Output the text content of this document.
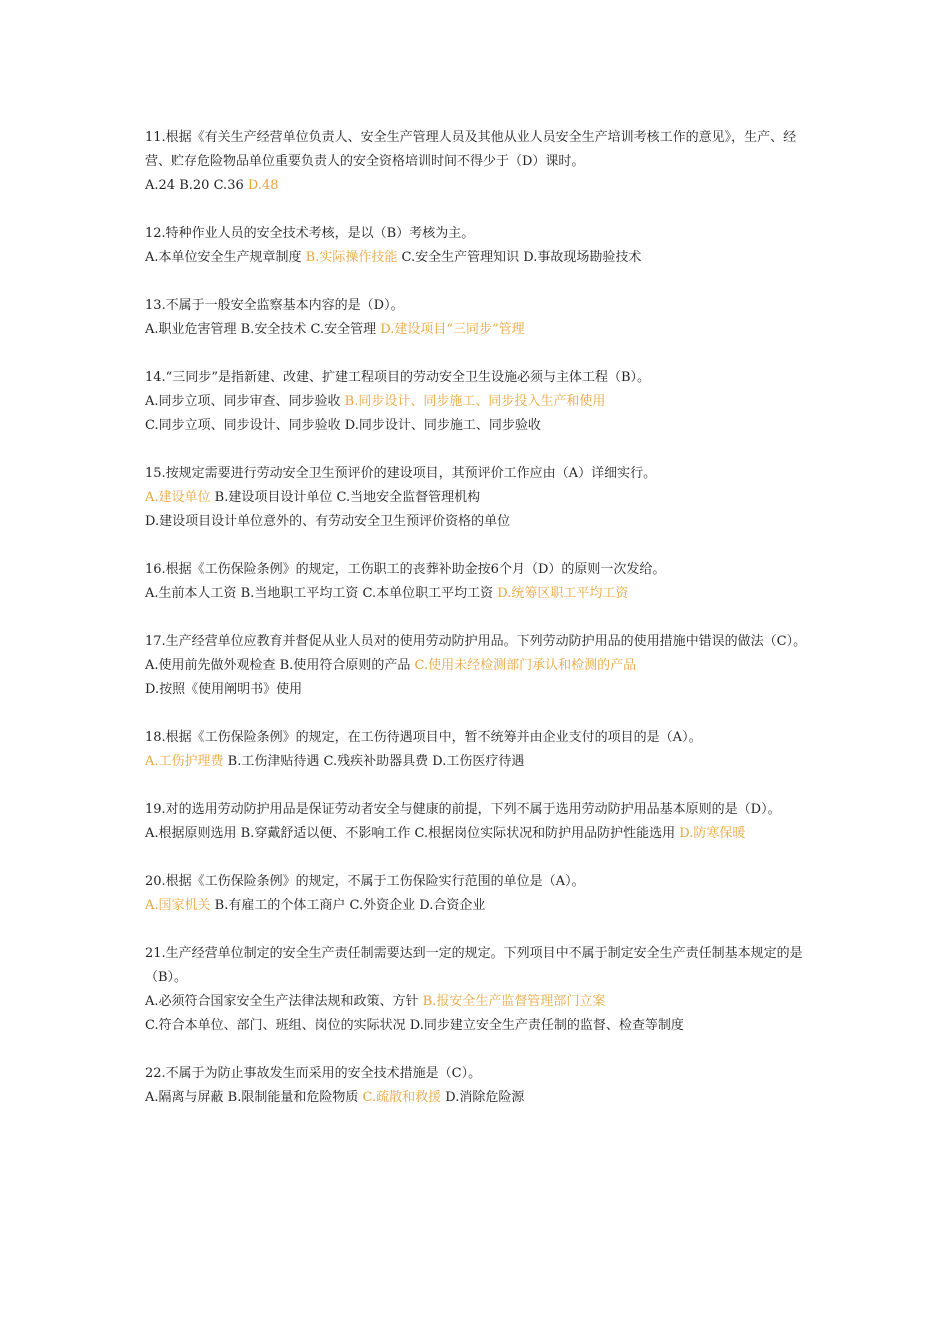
11.根据《有关生产经营单位负责人、安全生产管理人员及其他从业人员安全生产培训考核工作的意见》，生产、经营、贮存危险物品单位重要负责人的安全资格培训时间不得少于（D）课时。

A.24 B.20 C.36 D.48

12.特种作业人员的安全技术考核，是以（B）考核为主。

A.本单位安全生产规章制度 B.实际操作技能 C.安全生产管理知识 D.事故现场勘验技术

13.不属于一般安全监察基本内容的是（D）。

A.职业危害管理 B.安全技术 C.安全管理 D.建设项目“三同步”管理

14.“三同步”是指新建、改建、扩建工程项目的劳动安全卫生设施必须与主体工程（B）。

A.同步立项、同步审查、同步验收 B.同步设计、同步施工、同步投入生产和使用

C.同步立项、同步设计、同步验收 D.同步设计、同步施工、同步验收

15.按规定需要进行劳动安全卫生预评价的建设项目，其预评价工作应由（A）详细实行。

A.建设单位 B.建设项目设计单位 C.当地安全监督管理机构

D.建设项目设计单位意外的、有劳动安全卫生预评价资格的单位

16.根据《工伤保险条例》的规定，工伤职工的丧葬补助金按6个月（D）的原则一次发给。

A.生前本人工资 B.当地职工平均工资 C.本单位职工平均工资 D.统筹区职工平均工资

17.生产经营单位应教育并督促从业人员对的使用劳动防护用品。下列劳动防护用品的使用措施中错误的做法（C）。

A.使用前先做外观检查 B.使用符合原则的产品 C.使用未经检测部门承认和检测的产品

D.按照《使用阐明书》使用

18.根据《工伤保险条例》的规定，在工伤待遇项目中，暂不统筹并由企业支付的项目的是（A）。

A.工伤护理费 B.工伤津贴待遇 C.残疾补助器具费 D.工伤医疗待遇

19.对的选用劳动防护用品是保证劳动者安全与健康的前提，下列不属于选用劳动防护用品基本原则的是（D）。

A.根据原则选用 B.穿戴舒适以便、不影响工作 C.根据岗位实际状况和防护用品防护性能选用 D.防寒保暖

20.根据《工伤保险条例》的规定，不属于工伤保险实行范围的单位是（A）。

A.国家机关 B.有雇工的个体工商户 C.外资企业 D.合资企业

21.生产经营单位制定的安全生产责任制需要达到一定的规定。下列项目中不属于制定安全生产责任制基本规定的是（B）。

A.必须符合国家安全生产法律法规和政策、方针 B.报安全生产监督管理部门立案

C.符合本单位、部门、班组、岗位的实际状况 D.同步建立安全生产责任制的监督、检查等制度

22.不属于为防止事故发生而采用的安全技术措施是（C）。

A.隔离与屏蔽 B.限制能量和危险物质 C.疏散和救援 D.消除危险源
